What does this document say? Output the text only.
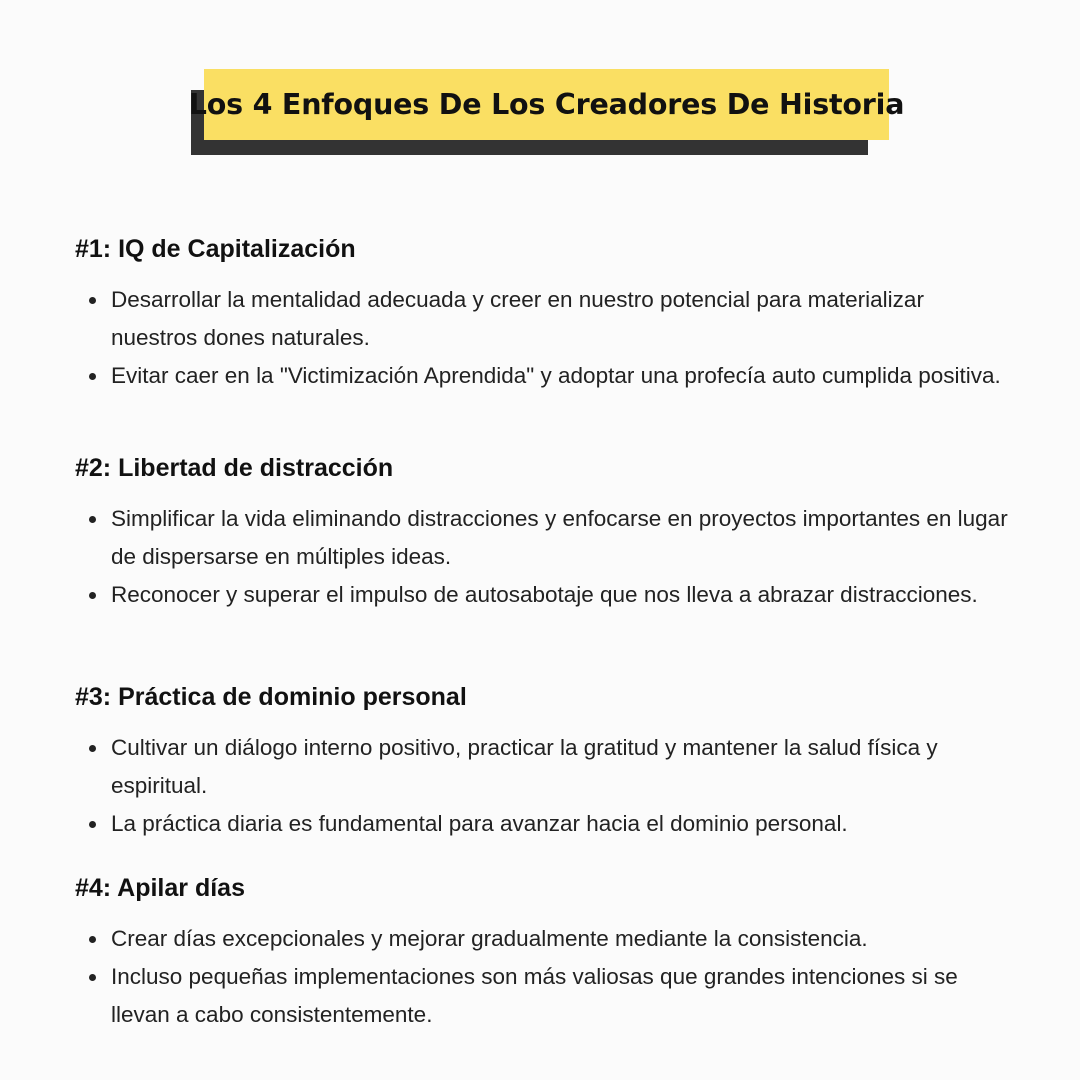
Los 4 Enfoques De Los Creadores De Historia
#1: IQ de Capitalización
Desarrollar la mentalidad adecuada y creer en nuestro potencial para materializar nuestros dones naturales.
Evitar caer en la "Victimización Aprendida" y adoptar una profecía auto cumplida positiva.
#2: Libertad de distracción
Simplificar la vida eliminando distracciones y enfocarse en proyectos importantes en lugar de dispersarse en múltiples ideas.
Reconocer y superar el impulso de autosabotaje que nos lleva a abrazar distracciones.
#3: Práctica de dominio personal
Cultivar un diálogo interno positivo, practicar la gratitud y mantener la salud física y espiritual.
La práctica diaria es fundamental para avanzar hacia el dominio personal.
#4: Apilar días
Crear días excepcionales y mejorar gradualmente mediante la consistencia.
Incluso pequeñas implementaciones son más valiosas que grandes intenciones si se llevan a cabo consistentemente.
